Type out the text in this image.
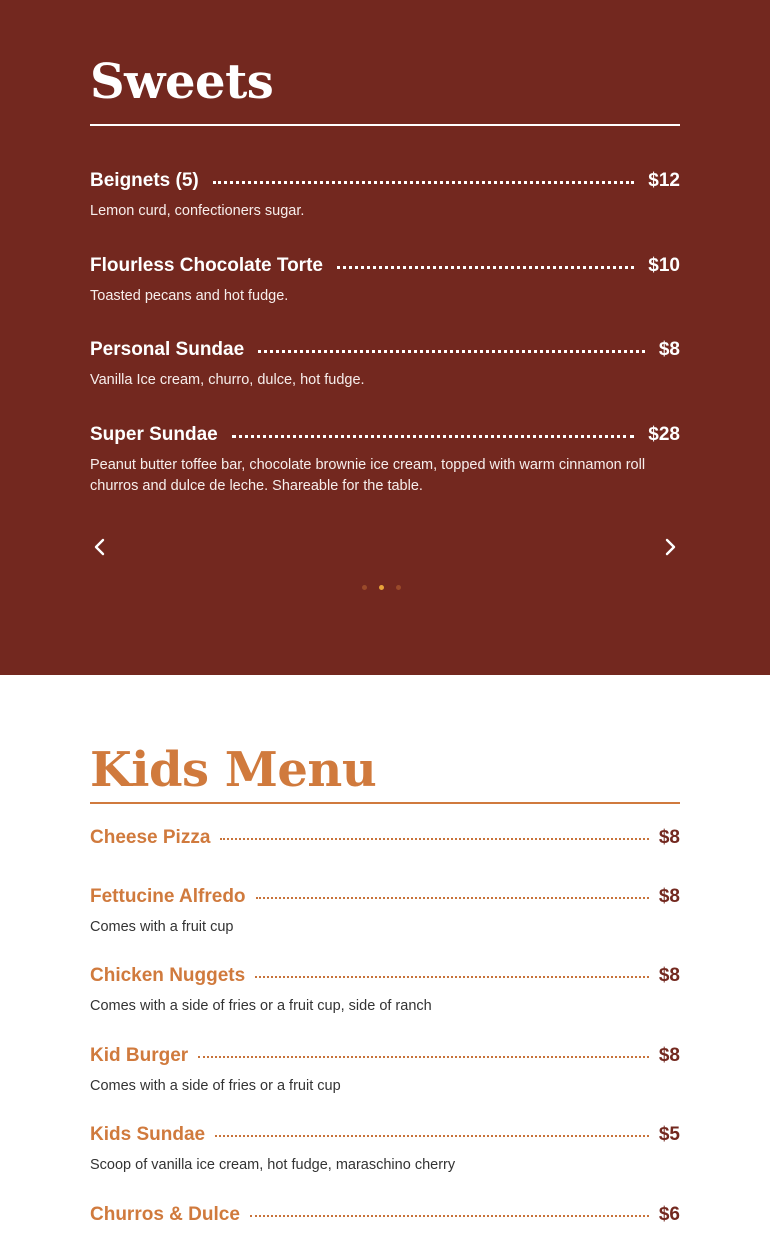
Sweets
Beignets (5)	$12
Lemon curd, confectioners sugar.
Flourless Chocolate Torte	$10
Toasted pecans and hot fudge.
Personal Sundae	$8
Vanilla Ice cream, churro, dulce, hot fudge.
Super Sundae	$28
Peanut butter toffee bar, chocolate brownie ice cream, topped with warm cinnamon roll churros and dulce de leche. Shareable for the table.
Kids Menu
Cheese Pizza	$8
Fettucine Alfredo	$8
Comes with a fruit cup
Chicken Nuggets	$8
Comes with a side of fries or a fruit cup, side of ranch
Kid Burger	$8
Comes with a side of fries or a fruit cup
Kids Sundae	$5
Scoop of vanilla ice cream, hot fudge, maraschino cherry
Churros & Dulce	$6
